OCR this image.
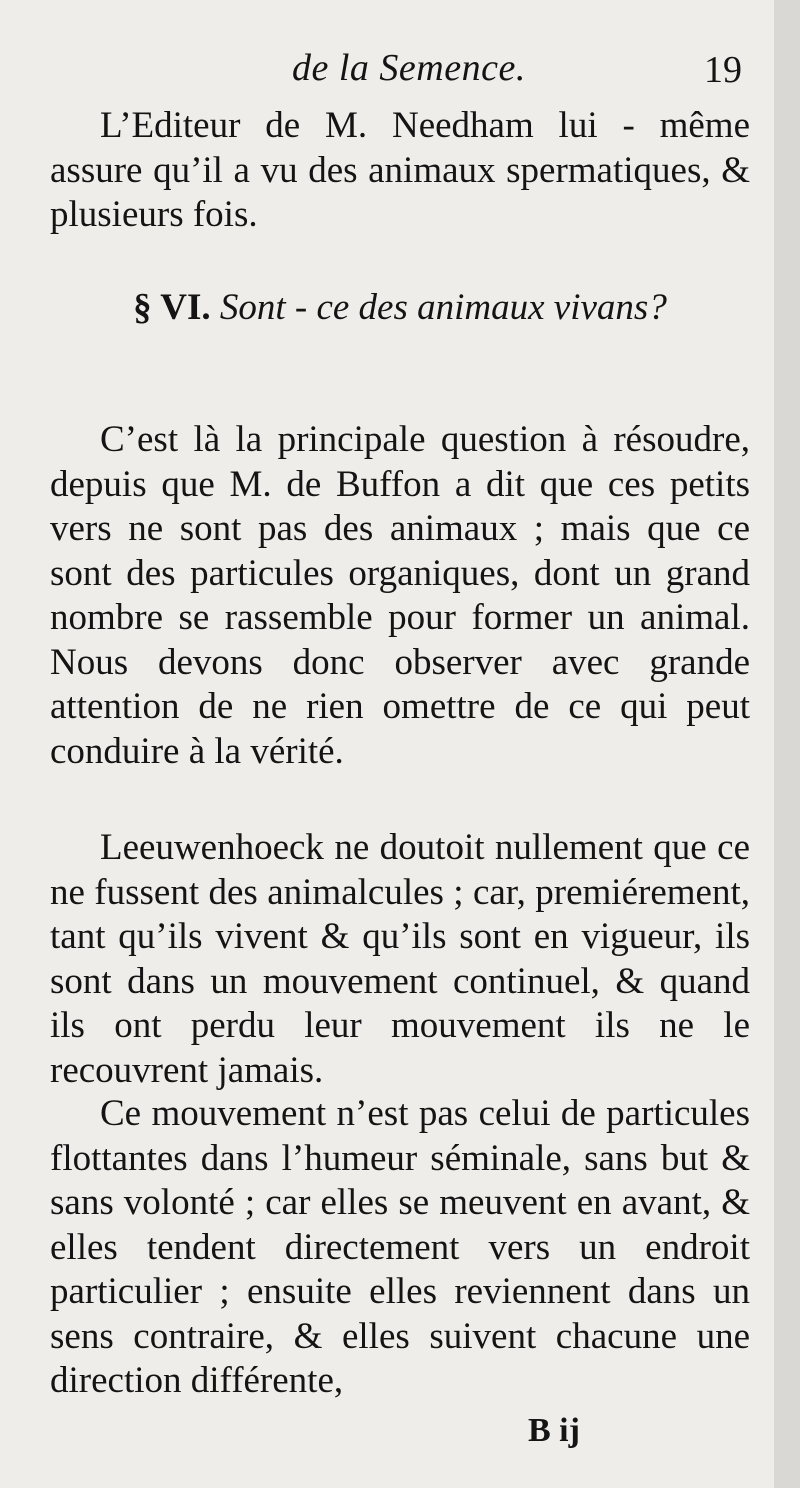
de la Semence.	19

L’Editeur de M. Needham lui - même assure qu’il a vu des animaux spermatiques, & plusieurs fois.

§ VI. Sont - ce des animaux vivans?

C’est là la principale question à résoudre, depuis que M. de Buffon a dit que ces petits vers ne sont pas des animaux ; mais que ce sont des particules organiques, dont un grand nombre se rassemble pour former un animal. Nous devons donc observer avec grande attention de ne rien omettre de ce qui peut conduire à la vérité.

Leeuwenhoeck ne doutoit nullement que ce ne fussent des animalcules ; car, premiérement, tant qu’ils vivent & qu’ils sont en vigueur, ils sont dans un mouvement continuel, & quand ils ont perdu leur mouvement ils ne le recouvrent jamais.

Ce mouvement n’est pas celui de particules flottantes dans l’humeur séminale, sans but & sans volonté ; car elles se meuvent en avant, & elles tendent directement vers un endroit particulier ; ensuite elles reviennent dans un sens contraire, & elles suivent chacune une direction différente,

B ij
